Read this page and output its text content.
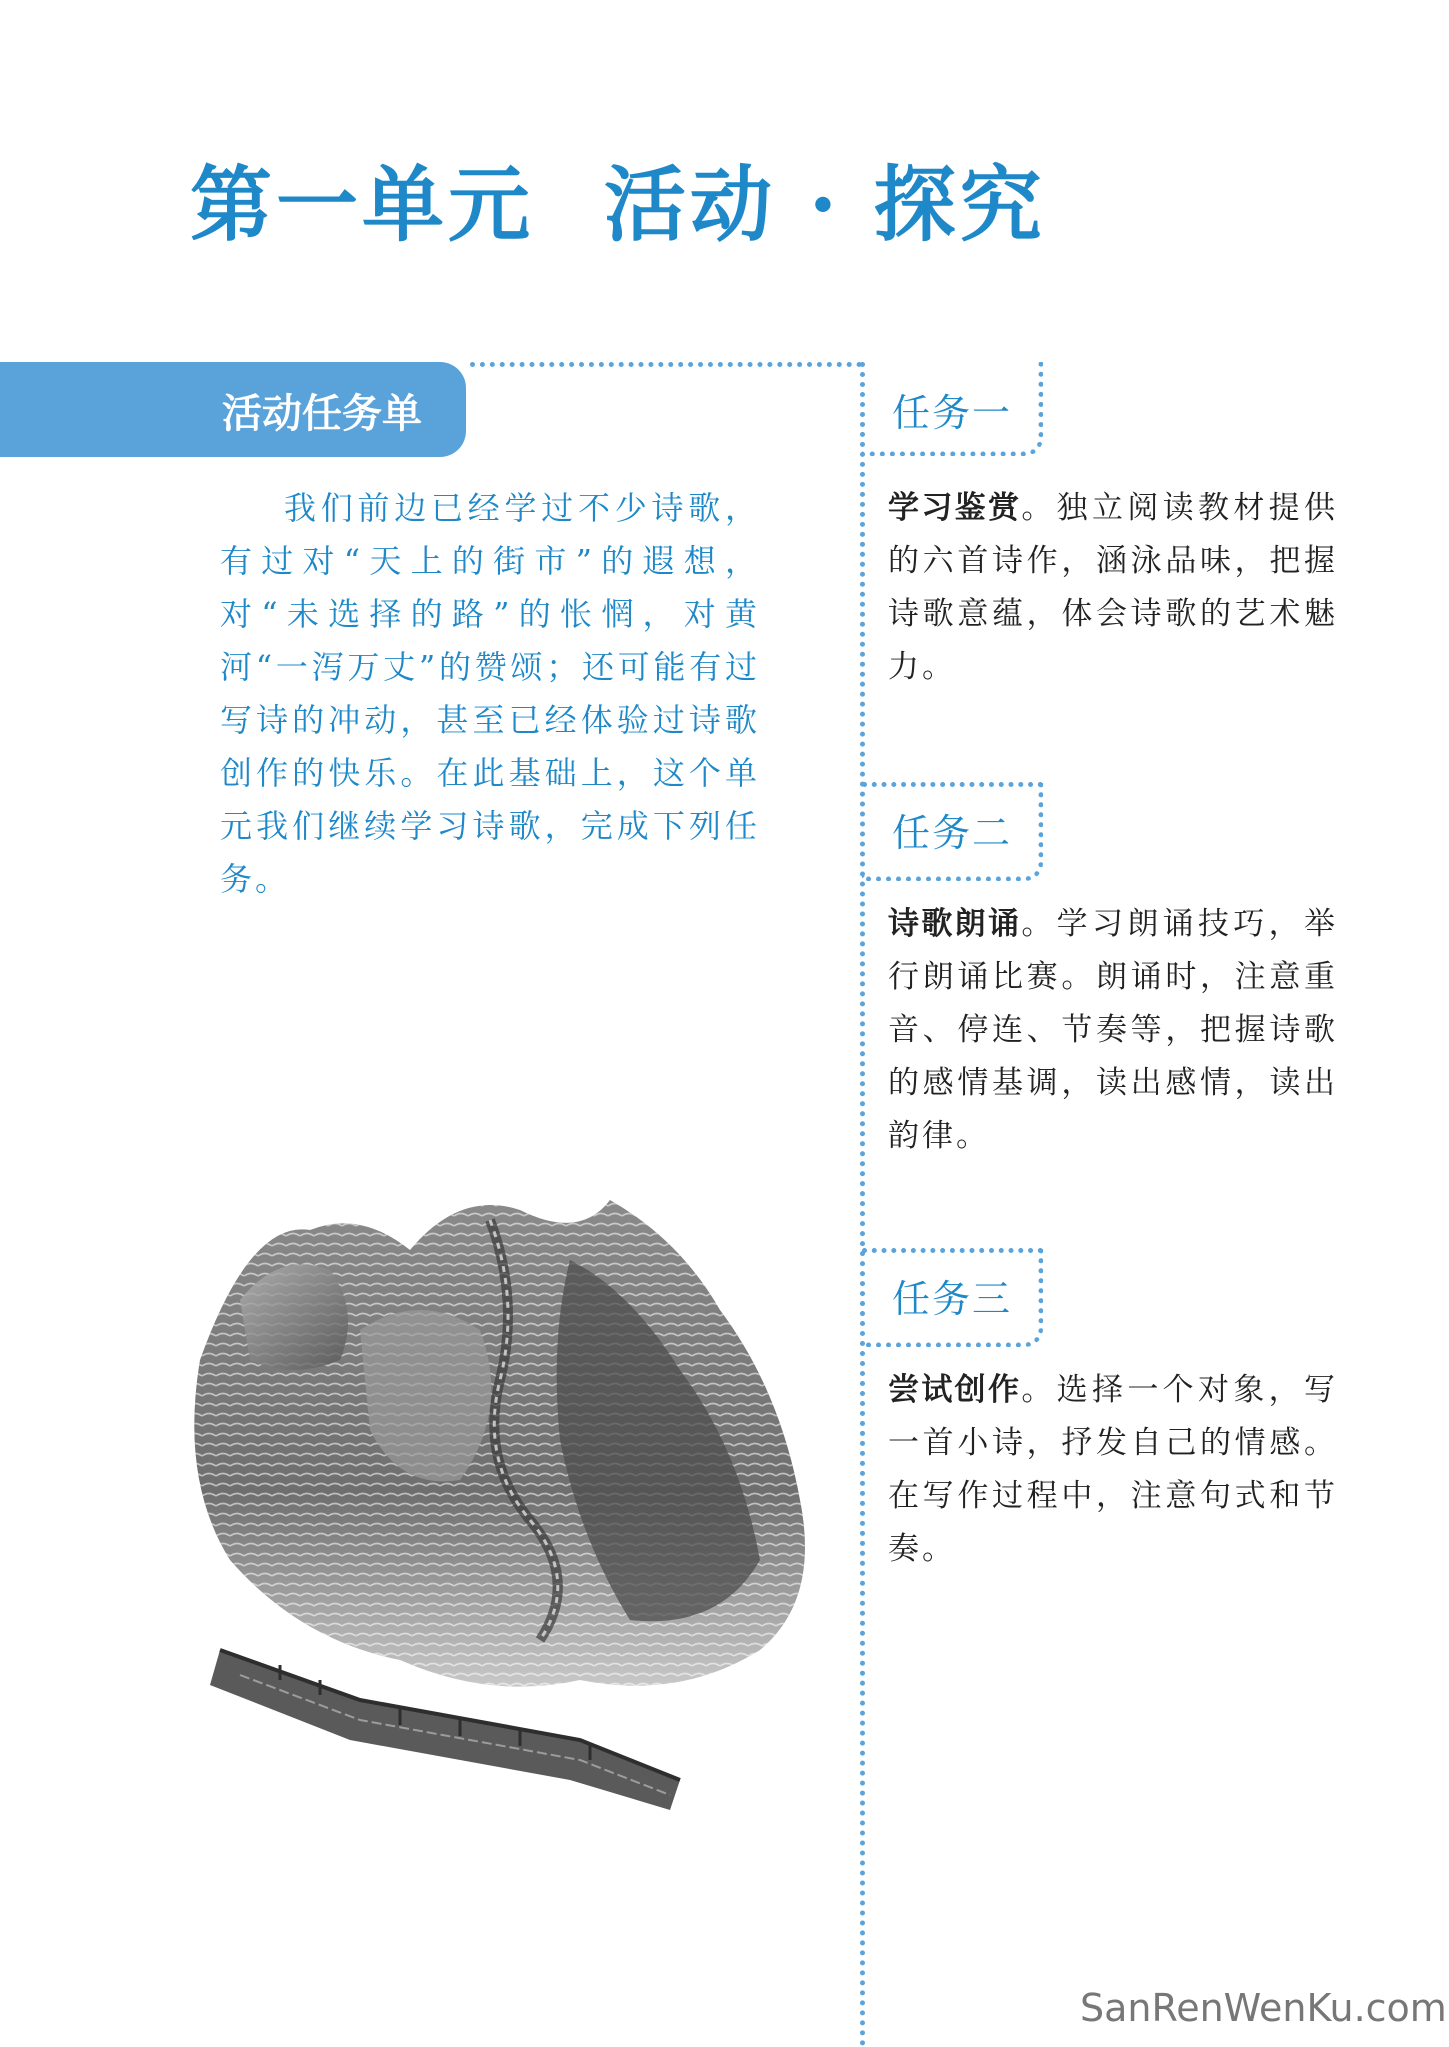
第一单元 活动 · 探究
活动任务单

我们前边已经学过不少诗歌，有过对“天上的街市”的遐想，对“未选择的路”的怅惘，对黄河“一泻万丈”的赞颂；还可能有过写诗的冲动，甚至已经体验过诗歌创作的快乐。在此基础上，这个单元我们继续学习诗歌，完成下列任务。

任务一

学习鉴赏。独立阅读教材提供的六首诗作，涵泳品味，把握诗歌意蕴，体会诗歌的艺术魅力。

任务二

诗歌朗诵。学习朗诵技巧，举行朗诵比赛。朗诵时，注意重音、停连、节奏等，把握诗歌的感情基调，读出感情，读出韵律。

任务三

尝试创作。选择一个对象，写一首小诗，抒发自己的情感。在写作过程中，注意句式和节奏。

SanRenWenKu.com
